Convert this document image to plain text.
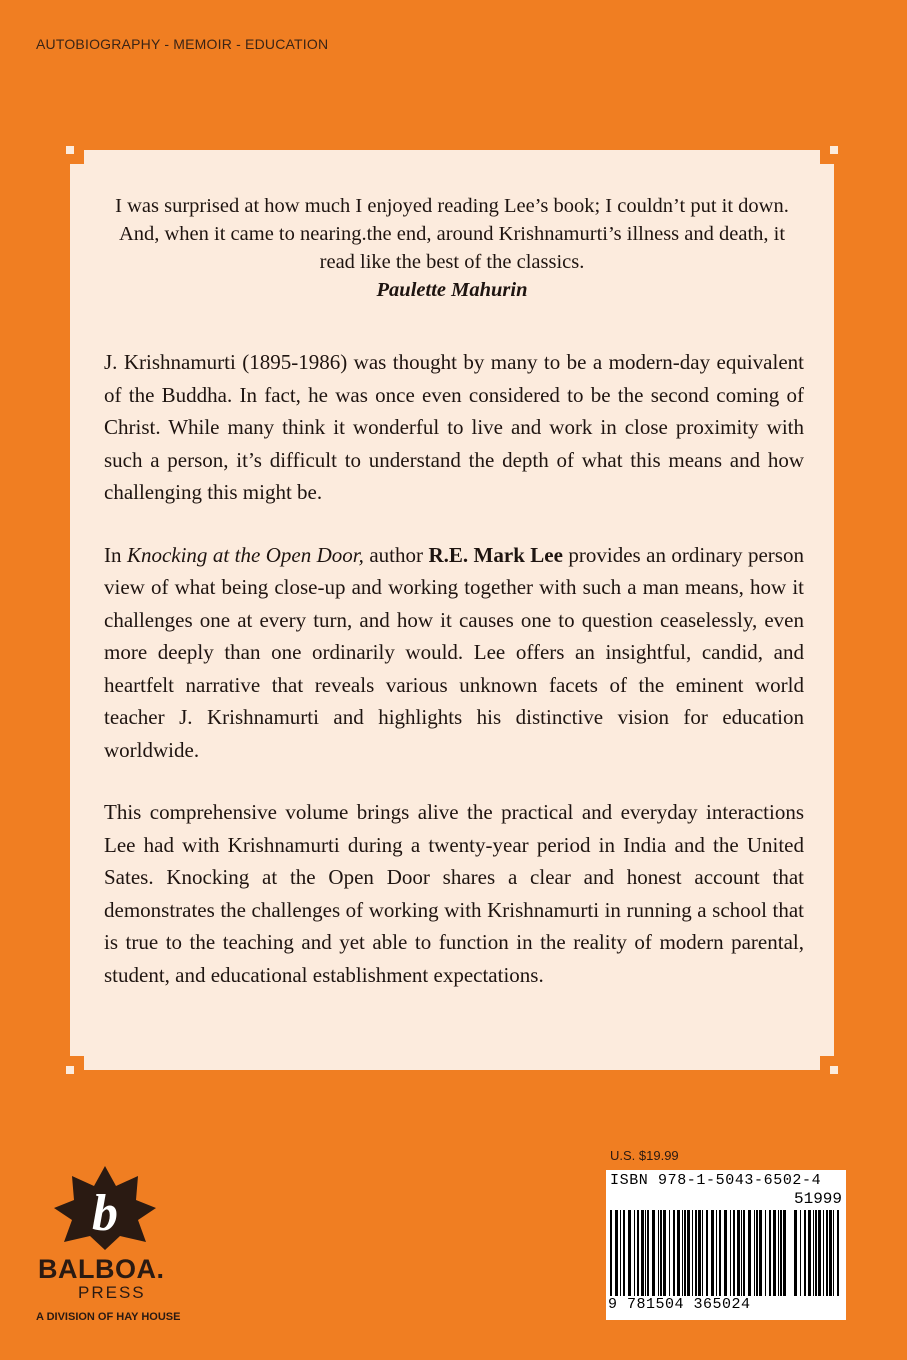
AUTOBIOGRAPHY - MEMOIR - EDUCATION
I was surprised at how much I enjoyed reading Lee’s book; I couldn’t put it down.
And, when it came to nearing.the end, around Krishnamurti’s illness and death, it
read like the best of the classics.
Paulette Mahurin

J. Krishnamurti (1895-1986) was thought by many to be a modern-day equivalent of the Buddha. In fact, he was once even considered to be the second coming of Christ. While many think it wonderful to live and work in close proximity with such a person, it’s difficult to understand the depth of what this means and how challenging this might be.

In Knocking at the Open Door, author R.E. Mark Lee provides an ordinary person view of what being close-up and working together with such a man means, how it challenges one at every turn, and how it causes one to question ceaselessly, even more deeply than one ordinarily would. Lee offers an insightful, candid, and heartfelt narrative that reveals various unknown facets of the eminent world teacher J. Krishnamurti and highlights his distinctive vision for education worldwide.

This comprehensive volume brings alive the practical and everyday interactions Lee had with Krishnamurti during a twenty-year period in India and the United Sates. Knocking at the Open Door shares a clear and honest account that demonstrates the challenges of working with Krishnamurti in running a school that is true to the teaching and yet able to function in the reality of modern parental, student, and educational establishment expectations.

b
BALBOA.
PRESS
A DIVISION OF HAY HOUSE
U.S. $19.99
ISBN 978-1-5043-6502-4
51999
9 781504 365024
